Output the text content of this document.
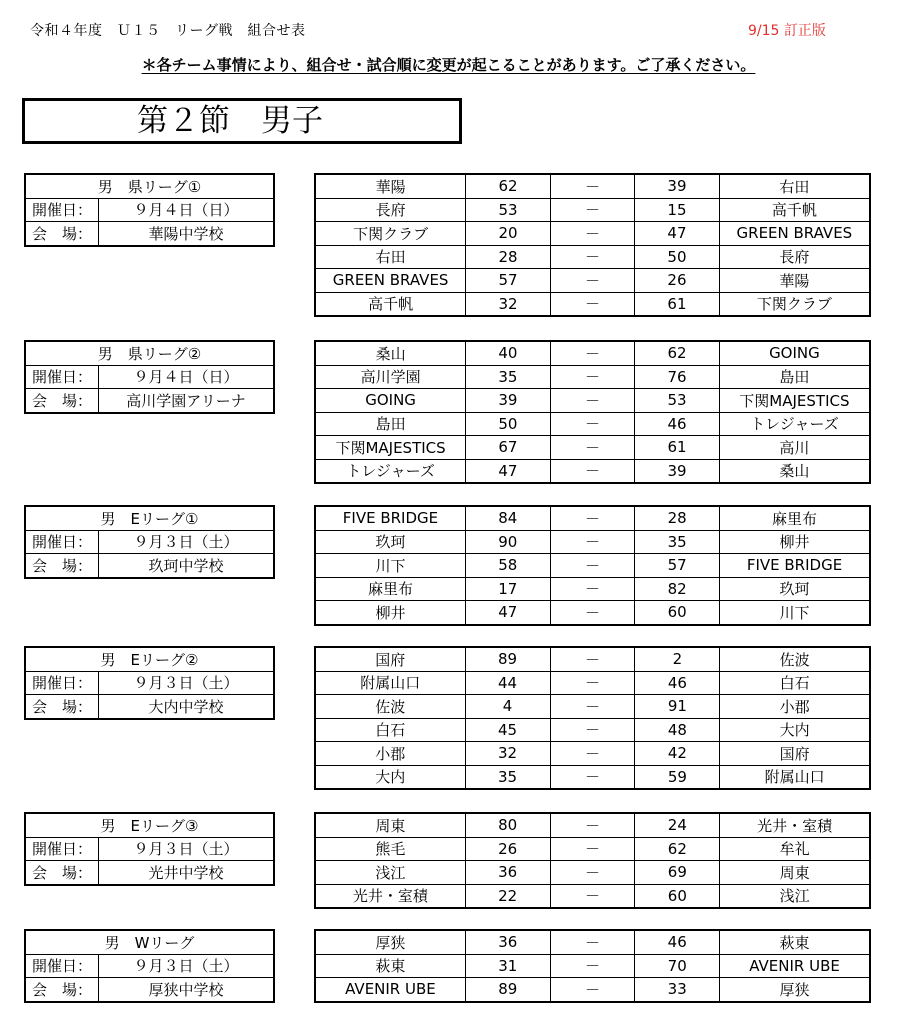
令和４年度　Ｕ１５　リーグ戦　組合せ表	9/15 訂正版
＊各チーム事情により、組合せ・試合順に変更が起こることがあります。ご了承ください。
第２節　男子
男　県リーグ①	
開催日：	９月４日（日）
会　場：	華陽中学校
華陽	62	－	39	右田
長府	53	－	15	高千帆
下関クラブ	20	－	47	GREEN BRAVES
右田	28	－	50	長府
GREEN BRAVES	57	－	26	華陽
高千帆	32	－	61	下関クラブ
男　県リーグ②	
開催日：	９月４日（日）
会　場：	高川学園アリーナ
桑山	40	－	62	GOING
高川学園	35	－	76	島田
GOING	39	－	53	下関MAJESTICS
島田	50	－	46	トレジャーズ
下関MAJESTICS	67	－	61	高川
トレジャーズ	47	－	39	桑山
男　Eリーグ①	
開催日：	９月３日（土）
会　場：	玖珂中学校
FIVE BRIDGE	84	－	28	麻里布
玖珂	90	－	35	柳井
川下	58	－	57	FIVE BRIDGE
麻里布	17	－	82	玖珂
柳井	47	－	60	川下
男　Eリーグ②	
開催日：	９月３日（土）
会　場：	大内中学校
国府	89	－	2	佐波
附属山口	44	－	46	白石
佐波	4	－	91	小郡
白石	45	－	48	大内
小郡	32	－	42	国府
大内	35	－	59	附属山口
男　Eリーグ③	
開催日：	９月３日（土）
会　場：	光井中学校
周東	80	－	24	光井・室積
熊毛	26	－	62	牟礼
浅江	36	－	69	周東
光井・室積	22	－	60	浅江
男　Wリーグ	
開催日：	９月３日（土）
会　場：	厚狭中学校
厚狭	36	－	46	萩東
萩東	31	－	70	AVENIR UBE
AVENIR UBE	89	－	33	厚狭
